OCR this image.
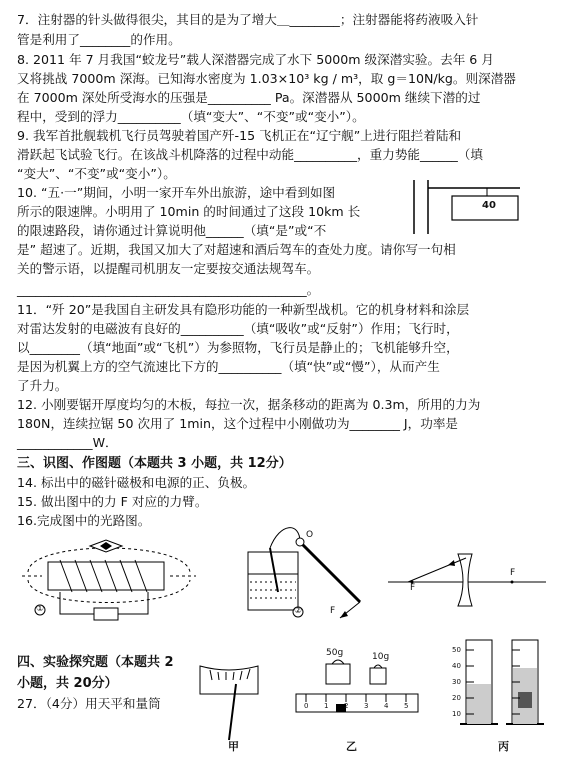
7．注射器的针头做得很尖，其目的是为了增大＿________；注射器能将药液吸入针
管是利用了________的作用。
8. 2011 年 7 月我国“蛟龙号”载人深潜器完成了水下 5000m 级深潜实验。去年 6 月
又将挑战 7000m 深海。已知海水密度为 1.03×10³ kg / m³，取 g＝10N/kg。则深潜器
在 7000m 深处所受海水的压强是__________ Pa。深潜器从 5000m 继续下潜的过
程中，受到的浮力__________（填“变大”、“不变”或“变小”）。
9. 我军首批舰载机飞行员驾驶着国产歼-15 飞机正在“辽宁舰”上进行阻拦着陆和
滑跃起飞试验飞行。在该战斗机降落的过程中动能__________，重力势能______（填
“变大”、“不变”或“变小”）。
10. “五·一”期间，小明一家开车外出旅游，途中看到如图
所示的限速牌。小明用了 10min 的时间通过了这段 10km 长
的限速路段，请你通过计算说明他______（填“是”或“不
是” 超速了。近期，我国又加大了对超速和酒后驾车的查处力度。请你写一句相
关的警示语，以提醒司机朋友一定要按交通法规驾车。
______________________________________________。
40
11．“歼 20”是我国自主研发具有隐形功能的一种新型战机。它的机身材料和涂层
对雷达发射的电磁波有良好的__________（填“吸收”或“反射”）作用；飞行时，
以________（填“地面”或“飞机”）为参照物，飞行员是静止的；飞机能够升空，
是因为机翼上方的空气流速比下方的__________（填“快”或“慢”），从而产生
了升力。
12. 小刚要锯开厚度均匀的木板，每拉一次，据条移动的距离为 0.3m，所用的力为
180N，连续拉锯 50 次用了 1min，这个过程中小刚做功为________ J，功率是
____________W．
三、识图、作图题（本题共 3 小题，共 12分）
14. 标出中的磁针磁极和电源的正、负极。
15. 做出图中的力 F 对应的力臂。
16.完成图中的光路图。
①
O
F
②
F
F
四、实验探究题（本题共 2
小题，共 20分）
27．（4分）用天平和量筒
50g	10g
0 1 2 3 4 5
50
40
30
20
10
甲	乙	丙
